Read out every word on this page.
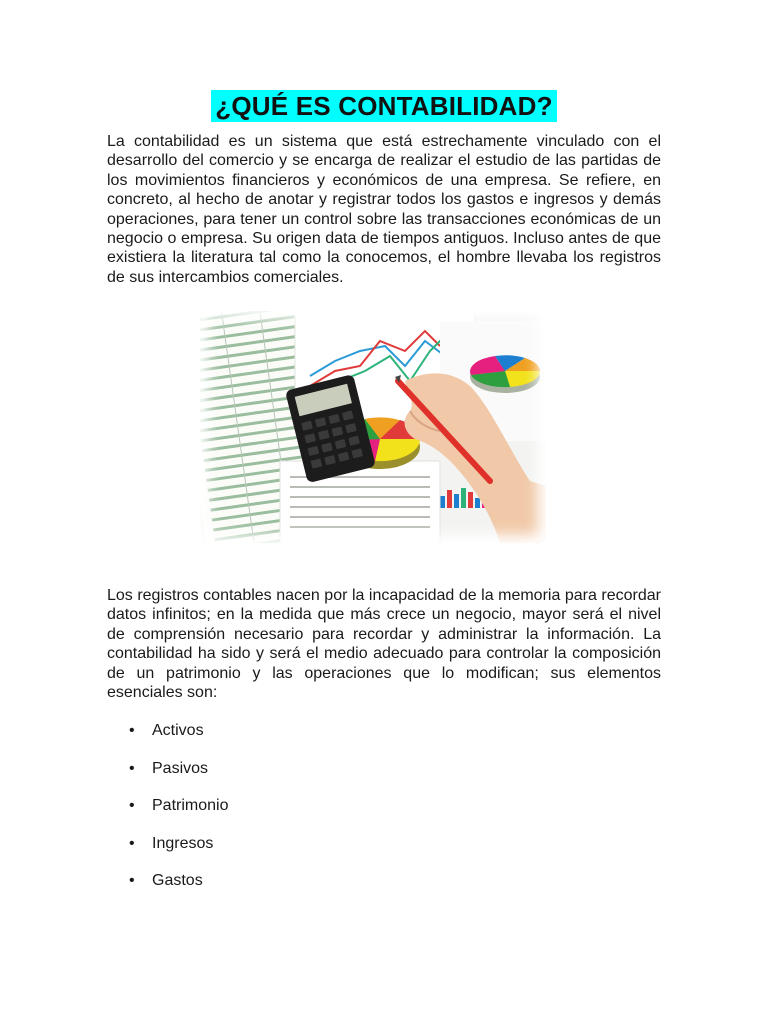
¿QUÉ ES CONTABILIDAD?

La contabilidad es un sistema que está estrechamente vinculado con el desarrollo del comercio y se encarga de realizar el estudio de las partidas de los movimientos financieros y económicos de una empresa. Se refiere, en concreto, al hecho de anotar y registrar todos los gastos e ingresos y demás operaciones, para tener un control sobre las transacciones económicas de un negocio o empresa. Su origen data de tiempos antiguos. Incluso antes de que existiera la literatura tal como la conocemos, el hombre llevaba los registros de sus intercambios comerciales.

Los registros contables nacen por la incapacidad de la memoria para recordar datos infinitos; en la medida que más crece un negocio, mayor será el nivel de comprensión necesario para recordar y administrar la información. La contabilidad ha sido y será el medio adecuado para controlar la composición de un patrimonio y las operaciones que lo modifican; sus elementos esenciales son:

• Activos
• Pasivos
• Patrimonio
• Ingresos
• Gastos
